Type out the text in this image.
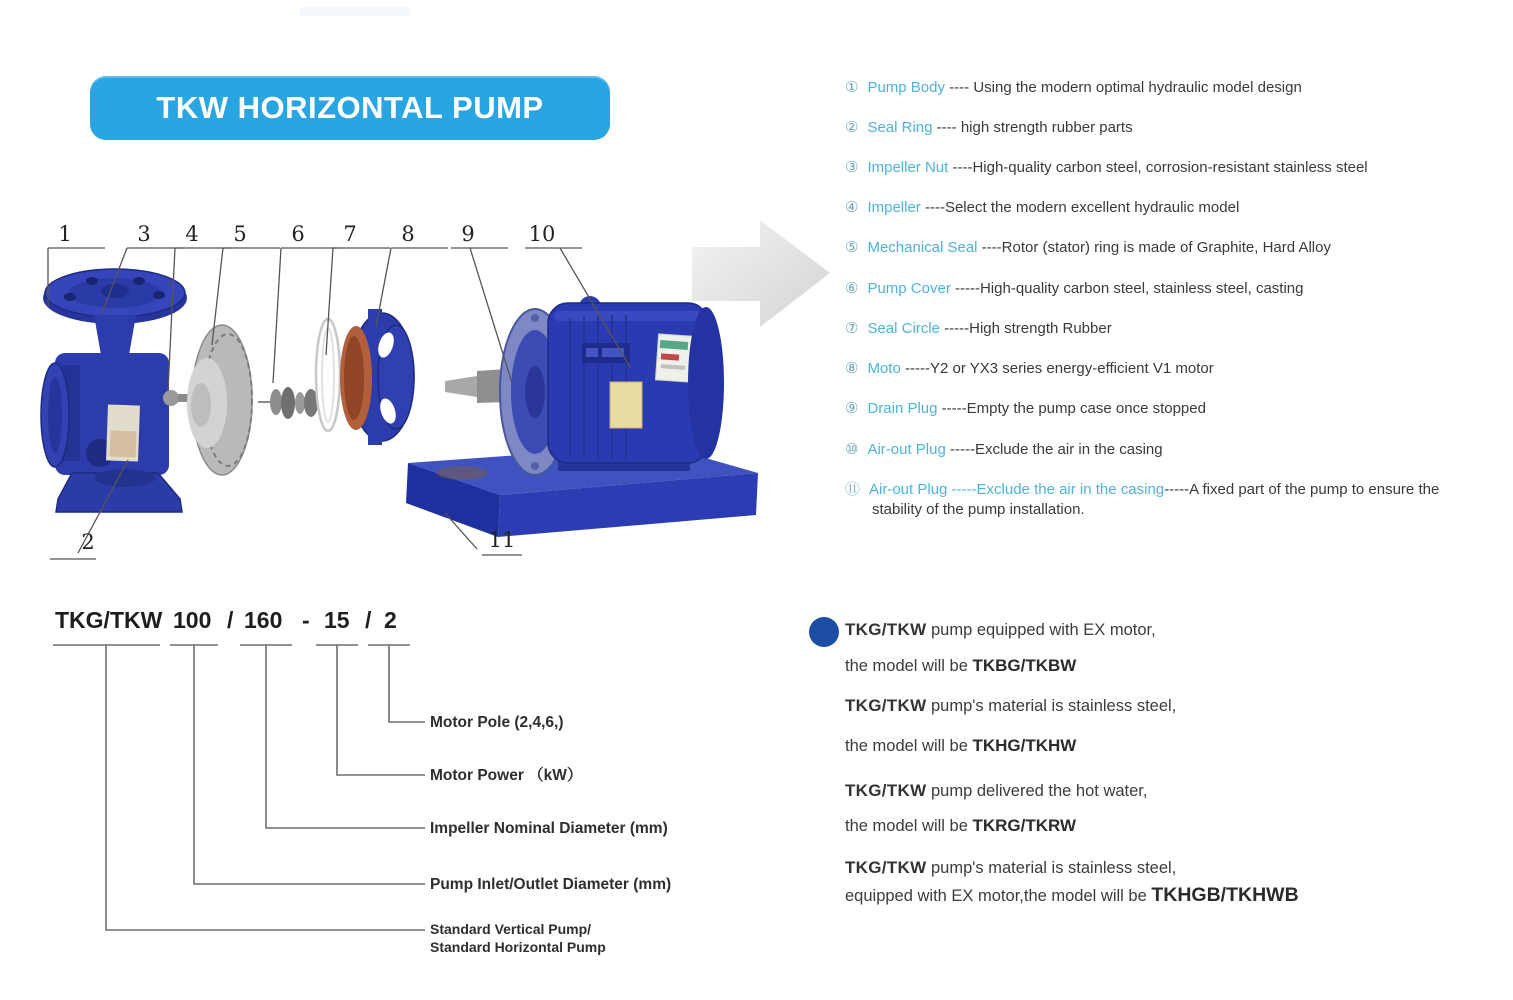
TKW HORIZONTAL PUMP
1	3 4 5 6 7 8 9	10
2	11
① Pump Body ---- Using the modern optimal hydraulic model design
② Seal Ring ---- high strength rubber parts
③ Impeller Nut ----High-quality carbon steel, corrosion-resistant stainless steel
④ Impeller ----Select the modern excellent hydraulic model
⑤ Mechanical Seal ----Rotor (stator) ring is made of Graphite, Hard Alloy
⑥ Pump Cover -----High-quality carbon steel, stainless steel, casting
⑦ Seal Circle -----High strength Rubber
⑧ Moto -----Y2 or YX3 series energy-efficient V1 motor
⑨ Drain Plug -----Empty the pump case once stopped
⑩ Air-out Plug -----Exclude the air in the casing
⑪ Air-out Plug -----Exclude the air in the casing-----A fixed part of the pump to ensure the stability of the pump installation.
TKG/TKW 100 / 160 - 15 / 2
Motor Pole (2,4,6,)
Motor Power （kW）
Impeller Nominal Diameter (mm)
Pump Inlet/Outlet Diameter (mm)
Standard Vertical Pump/
Standard Horizontal Pump
TKG/TKW pump equipped with EX motor,
the model will be TKBG/TKBW
TKG/TKW pump's material is stainless steel,
the model will be TKHG/TKHW
TKG/TKW pump delivered the hot water,
the model will be TKRG/TKRW
TKG/TKW pump's material is stainless steel,
equipped with EX motor,the model will be TKHGB/TKHWB
